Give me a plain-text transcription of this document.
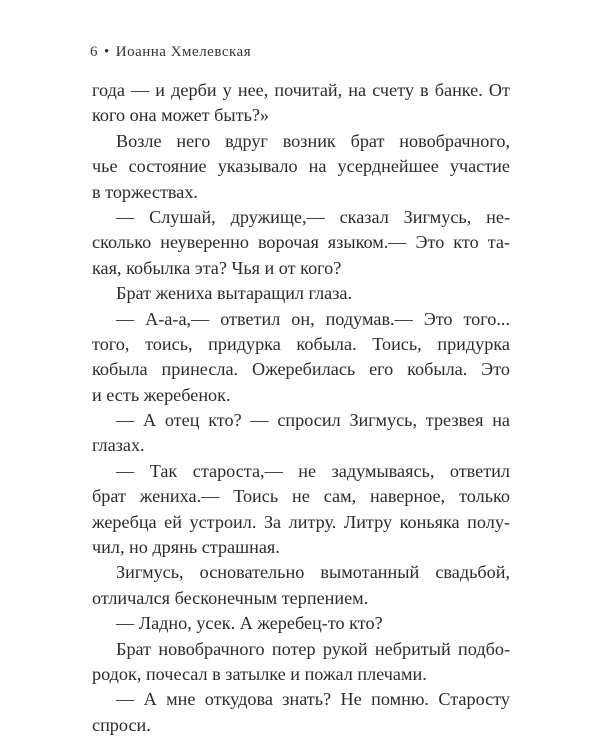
6 • Иоанна Хмелевская
года — и дерби у нее, почитай, на счету в банке. От
кого она может быть?»
Возле него вдруг возник брат новобрачного,
чье состояние указывало на усерднейшее участие
в торжествах.
— Слушай, дружище,— сказал Зигмусь, не-
сколько неуверенно ворочая языком.— Это кто та-
кая, кобылка эта? Чья и от кого?
Брат жениха вытаращил глаза.
— А-а-а,— ответил он, подумав.— Это того...
того, тоись, придурка кобыла. Тоись, придурка
кобыла принесла. Ожеребилась его кобыла. Это
и есть жеребенок.
— А отец кто? — спросил Зигмусь, трезвея на
глазах.
— Так староста,— не задумываясь, ответил
брат жениха.— Тоись не сам, наверное, только
жеребца ей устроил. За литру. Литру коньяка полу-
чил, но дрянь страшная.
Зигмусь, основательно вымотанный свадьбой,
отличался бесконечным терпением.
— Ладно, усек. А жеребец-то кто?
Брат новобрачного потер рукой небритый подбо-
родок, почесал в затылке и пожал плечами.
— А мне откудова знать? Не помню. Старосту
спроси.
